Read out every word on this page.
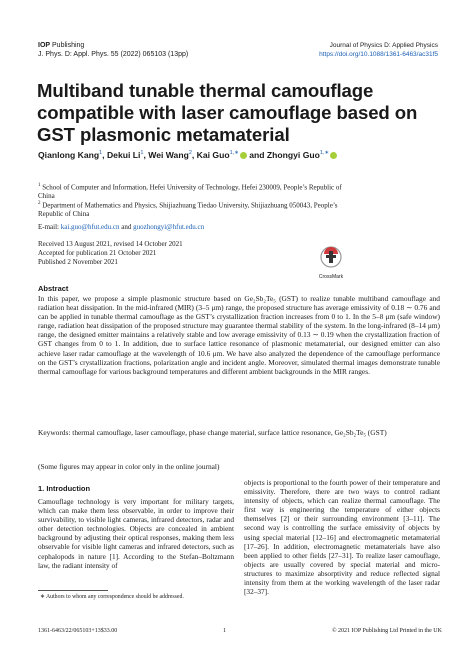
IOP Publishing
J. Phys. D: Appl. Phys. 55 (2022) 065103 (13pp)
Journal of Physics D: Applied Physics
https://doi.org/10.1088/1361-6463/ac31f5
Multiband tunable thermal camouflage compatible with laser camouflage based on GST plasmonic metamaterial
Qianlong Kang$^1$, Dekui Li$^1$, Wei Wang$^2$, Kai Guo$^{1,∗}$ and Zhongyi Guo$^{1,∗}$
$^1$ School of Computer and Information, Hefei University of Technology, Hefei 230009, People’s Republic of China
$^2$ Department of Mathematics and Physics, Shijiazhuang Tiedao University, Shijiazhuang 050043, People’s Republic of China
E-mail: kai.guo@hfut.edu.cn and guozhongyi@hfut.edu.cn
Received 13 August 2021, revised 14 October 2021
Accepted for publication 21 October 2021
Published 2 November 2021
CrossMark
Abstract
In this paper, we propose a simple plasmonic structure based on Ge₂Sb₂Te₅ (GST) to realize tunable multiband camouflage and radiation heat dissipation. In the mid-infrared (MIR) (3–5 μm) range, the proposed structure has average emissivity of 0.18 ∼ 0.76 and can be applied in tunable thermal camouflage as the GST’s crystallization fraction increases from 0 to 1. In the 5–8 μm (safe window) range, radiation heat dissipation of the proposed structure may guarantee thermal stability of the system. In the long-infrared (8–14 μm) range, the designed emitter maintains a relatively stable and low average emissivity of 0.13 ∼ 0.19 when the crystallization fraction of GST changes from 0 to 1. In addition, due to surface lattice resonance of plasmonic metamaterial, our designed emitter can also achieve laser radar camouflage at the wavelength of 10.6 μm. We have also analyzed the dependence of the camouflage performance on the GST’s crystallization fractions, polarization angle and incident angle. Moreover, simulated thermal images demonstrate tunable thermal camouflage for various background temperatures and different ambient backgrounds in the MIR ranges.
Keywords: thermal camouflage, laser camouflage, phase change material, surface lattice resonance, Ge₂Sb₂Te₅ (GST)
(Some figures may appear in color only in the online journal)
1. Introduction
Camouflage technology is very important for military targets, which can make them less observable, in order to improve their survivability, to visible light cameras, infrared detectors, radar and other detection technologies. Objects are concealed in ambient background by adjusting their optical responses, making them less observable for visible light cameras and infrared detectors, such as cephalopods in nature [1]. According to the Stefan–Boltzmann law, the radiant intensity of
objects is proportional to the fourth power of their temperature and emissivity. Therefore, there are two ways to control radiant intensity of objects, which can realize thermal camouflage. The first way is engineering the temperature of either objects themselves [2] or their surrounding environment [3–11]. The second way is controlling the surface emissivity of objects by using special material [12–16] and electromagnetic metamaterial [17–26]. In addition, electromagnetic metamaterials have also been applied to other fields [27–31]. To realize laser camouflage, objects are usually covered by special material and micro-structures to maximize absorptivity and reduce reflected signal intensity from them at the working wavelength of the laser radar [32–37].
∗ Authors to whom any correspondence should be addressed.
1361-6463/22/065103+13$33.00	1	© 2021 IOP Publishing Ltd Printed in the UK
